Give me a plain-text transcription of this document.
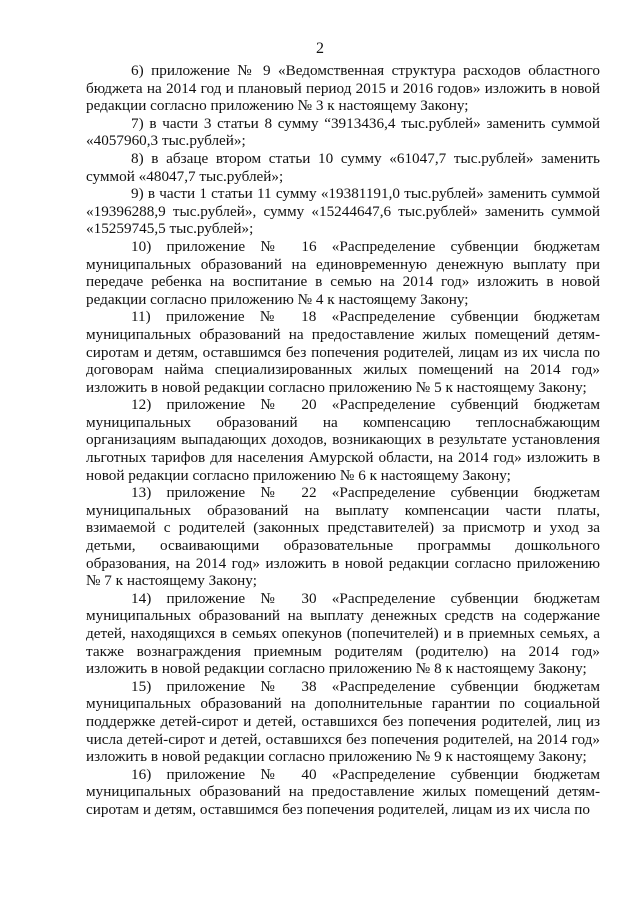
2

6) приложение № 9 «Ведомственная структура расходов областного бюджета на 2014 год и плановый период 2015 и 2016 годов» изложить в новой редакции согласно приложению № 3 к настоящему Закону;

7) в части 3 статьи 8 сумму “3913436,4 тыс.рублей» заменить суммой «4057960,3 тыс.рублей»;

8) в абзаце втором статьи 10 сумму «61047,7 тыс.рублей» заменить суммой «48047,7 тыс.рублей»;

9) в части 1 статьи 11 сумму «19381191,0 тыс.рублей» заменить суммой «19396288,9 тыс.рублей», сумму «15244647,6 тыс.рублей» заменить суммой «15259745,5 тыс.рублей»;

10) приложение № 16 «Распределение субвенции бюджетам муниципальных образований на единовременную денежную выплату при передаче ребенка на воспитание в семью на 2014 год» изложить в новой редакции согласно приложению № 4 к настоящему Закону;

11) приложение № 18 «Распределение субвенции бюджетам муниципальных образований на предоставление жилых помещений детям-сиротам и детям, оставшимся без попечения родителей, лицам из их числа по договорам найма специализированных жилых помещений на 2014 год» изложить в новой редакции согласно приложению № 5 к настоящему Закону;

12) приложение № 20 «Распределение субвенций бюджетам муниципальных образований на компенсацию теплоснабжающим организациям выпадающих доходов, возникающих в результате установления льготных тарифов для населения Амурской области, на 2014 год» изложить в новой редакции согласно приложению № 6 к настоящему Закону;

13) приложение № 22 «Распределение субвенции бюджетам муниципальных образований на выплату компенсации части платы, взимаемой с родителей (законных представителей) за присмотр и уход за детьми, осваивающими образовательные программы дошкольного образования, на 2014 год» изложить в новой редакции согласно приложению № 7 к настоящему Закону;

14) приложение № 30 «Распределение субвенции бюджетам муниципальных образований на выплату денежных средств на содержание детей, находящихся в семьях опекунов (попечителей) и в приемных семьях, а также вознаграждения приемным родителям (родителю) на 2014 год» изложить в новой редакции согласно приложению № 8 к настоящему Закону;

15) приложение № 38 «Распределение субвенции бюджетам муниципальных образований на дополнительные гарантии по социальной поддержке детей-сирот и детей, оставшихся без попечения родителей, лиц из числа детей-сирот и детей, оставшихся без попечения родителей, на 2014 год» изложить в новой редакции согласно приложению № 9 к настоящему Закону;

16) приложение № 40 «Распределение субвенции бюджетам муниципальных образований на предоставление жилых помещений детям-сиротам и детям, оставшимся без попечения родителей, лицам из их числа по
